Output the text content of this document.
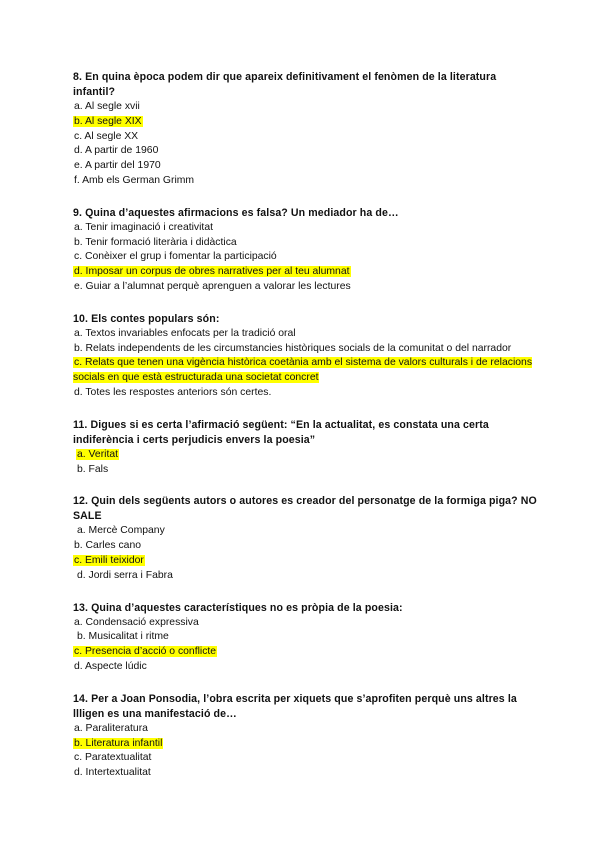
8. En quina època podem dir que apareix definitivament el fenòmen de la literatura infantil?

a. Al segle xvii

b. Al segle XIX

c. Al segle XX

d. A partir de 1960

e. A partir del 1970

f. Amb els German Grimm

9. Quina d’aquestes afirmacions es falsa? Un mediador ha de…

a. Tenir imaginació i creativitat

b. Tenir formació literària i didàctica

c. Conèixer el grup i fomentar la participació

d. Imposar un corpus de obres narratives per al teu alumnat

e. Guiar a l’alumnat perquè aprenguen a valorar les lectures

10. Els contes populars són:

a. Textos invariables enfocats per la tradició oral

b. Relats independents de les circumstancies històriques socials de la comunitat o del narrador

c. Relats que tenen una vigència històrica coetània amb el sistema de valors culturals i de relacions socials en que està estructurada una societat concret

d. Totes les respostes anteriors són certes.

11. Digues si es certa l’afirmació següent: “En la actualitat, es constata una certa indiferència i certs perjudicis envers la poesia”

a. Veritat

b. Fals

12. Quin dels següents autors o autores es creador del personatge de la formiga piga? NO SALE

a. Mercè Company

b. Carles cano

c. Emili teixidor

d. Jordi serra i Fabra

13. Quina d’aquestes característiques no es pròpia de la poesia:

a. Condensació expressiva

b. Musicalitat i ritme

c. Presencia d’acció o conflicte

d. Aspecte lúdic

14. Per a Joan Ponsodia, l’obra escrita per xiquets que s’aprofiten perquè uns altres la llligen es una manifestació de…

a. Paraliteratura

b. Literatura infantil

c. Paratextualitat

d. Intertextualitat
